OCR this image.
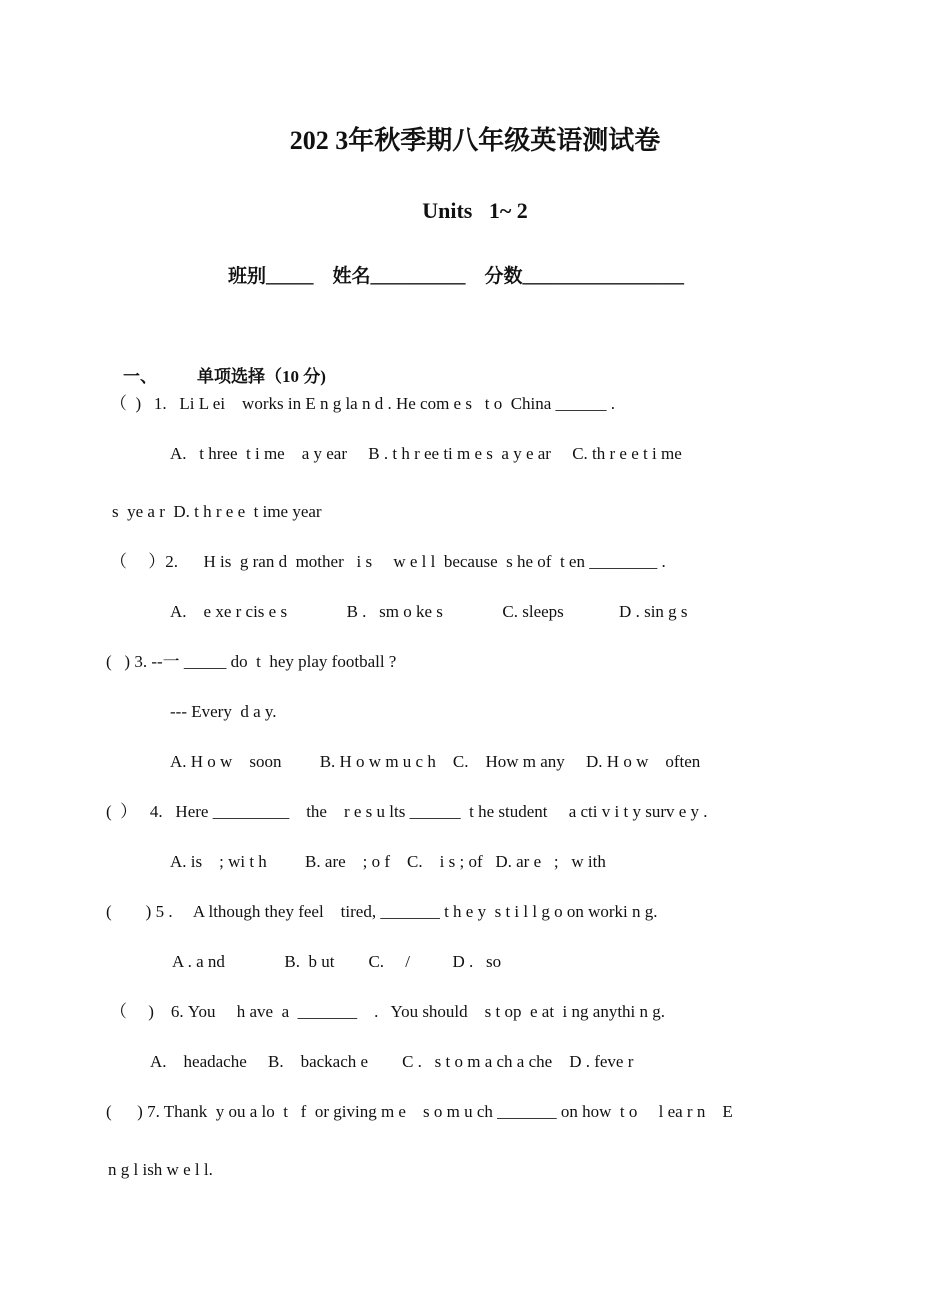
202 3年秋季期八年级英语测试卷
Units   1~ 2
班别_____    姓名__________    分数_________________

一、 单项选择（10 分)

（  )   1.   Li L ei    works in E n g la n d . He com e s   t o  China ______ .
A.   t hree  t i me    a y ear     B . t h r ee ti m e s  a y e ar     C. th r e e t i me
s  ye a r  D. t h r e e  t ime year
（     ）2.      H is  g ran d  mother   i s     w e l l  because  s he of  t en ________ .
A.    e xe r cis e s              B .   sm o ke s              C. sleeps             D . sin g s
(   ) 3. --一 _____ do  t  hey play football ?
--- Every  d a y.
A. H o w    soon         B. H o w m u c h    C.    How m any     D. H o w    often
(  ）   4.   Here _________    the    r e s u lts ______  t he student     a cti v i t y surv e y .
A. is    ; wi t h         B. are    ; o f    C.    i s ; of   D. ar e   ;   w ith
(        ) 5 .     A lthough they feel    tired, _______ t h e y  s t i l l g o on worki n g.
A . a nd              B.  b ut        C.     /          D .   so
（     )    6. You     h ave  a  _______    .   You should    s t op  e at  i ng anythi n g.
A.    headache     B.    backach e        C .   s t o m a ch a che    D . feve r
(      ) 7. Thank  y ou a lo  t   f  or giving m e    s o m u ch _______ on how  t o     l ea r n    E
n g l ish w e l l.
